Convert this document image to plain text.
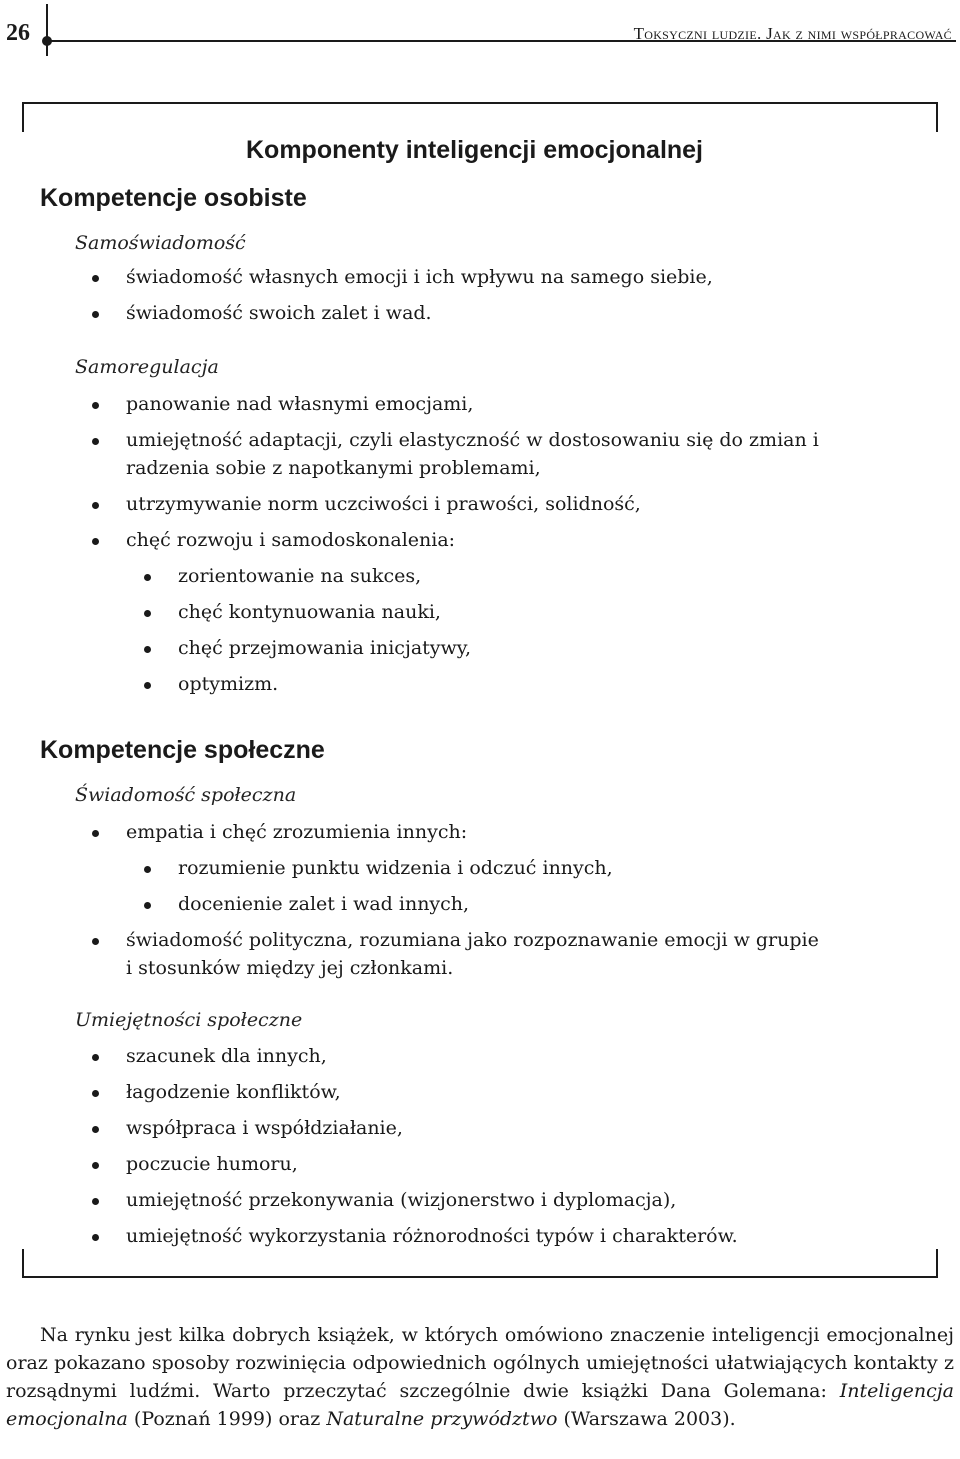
26	Toksyczni ludzie. Jak z nimi współpracować
Komponenty inteligencji emocjonalnej
Kompetencje osobiste
Samoświadomość
świadomość własnych emocji i ich wpływu na samego siebie,
świadomość swoich zalet i wad.
Samoregulacja
panowanie nad własnymi emocjami,
umiejętność adaptacji, czyli elastyczność w dostosowaniu się do zmian i
radzenia sobie z napotkanymi problemami,
utrzymywanie norm uczciwości i prawości, solidność,
chęć rozwoju i samodoskonalenia:
zorientowanie na sukces,
chęć kontynuowania nauki,
chęć przejmowania inicjatywy,
optymizm.
Kompetencje społeczne
Świadomość społeczna
empatia i chęć zrozumienia innych:
rozumienie punktu widzenia i odczuć innych,
docenienie zalet i wad innych,
świadomość polityczna, rozumiana jako rozpoznawanie emocji w grupie
i stosunków między jej członkami.
Umiejętności społeczne
szacunek dla innych,
łagodzenie konfliktów,
współpraca i współdziałanie,
poczucie humoru,
umiejętność przekonywania (wizjonerstwo i dyplomacja),
umiejętność wykorzystania różnorodności typów i charakterów.
Na rynku jest kilka dobrych książek, w których omówiono znaczenie inteligencji emocjonalnej oraz pokazano sposoby rozwinięcia odpowiednich ogólnych umiejętności ułatwiających kontakty z rozsądnymi ludźmi. Warto przeczytać szczególnie dwie książki Dana Golemana: Inteligencja emocjonalna (Poznań 1999) oraz Naturalne przywództwo (Warszawa 2003).
